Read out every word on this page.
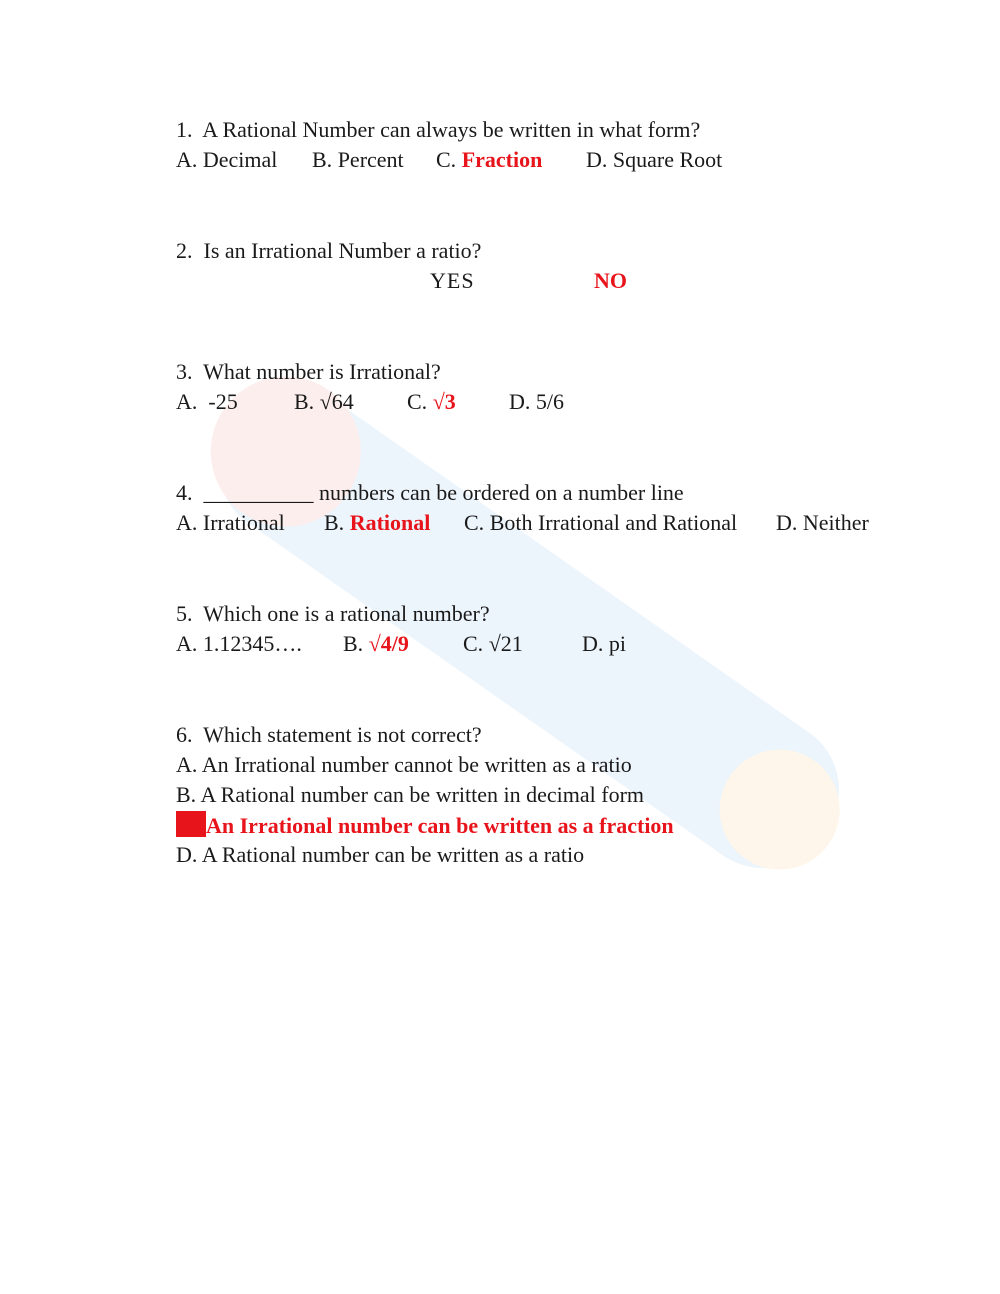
1. A Rational Number can always be written in what form?
A. Decimal B. Percent C. Fraction D. Square Root
2. Is an Irrational Number a ratio?
YES	NO
3. What number is Irrational?
A. -25	B. √64 C. √3 D. 5/6
4. __________ numbers can be ordered on a number line
A. Irrational B. Rational C. Both Irrational and Rational D. Neither
5. Which one is a rational number?
A. 1.12345…. B. √4/9 C. √21	D. pi
6. Which statement is not correct?
A. An Irrational number cannot be written as a ratio
B. A Rational number can be written in decimal form
An Irrational number can be written as a fraction
D. A Rational number can be written as a ratio
